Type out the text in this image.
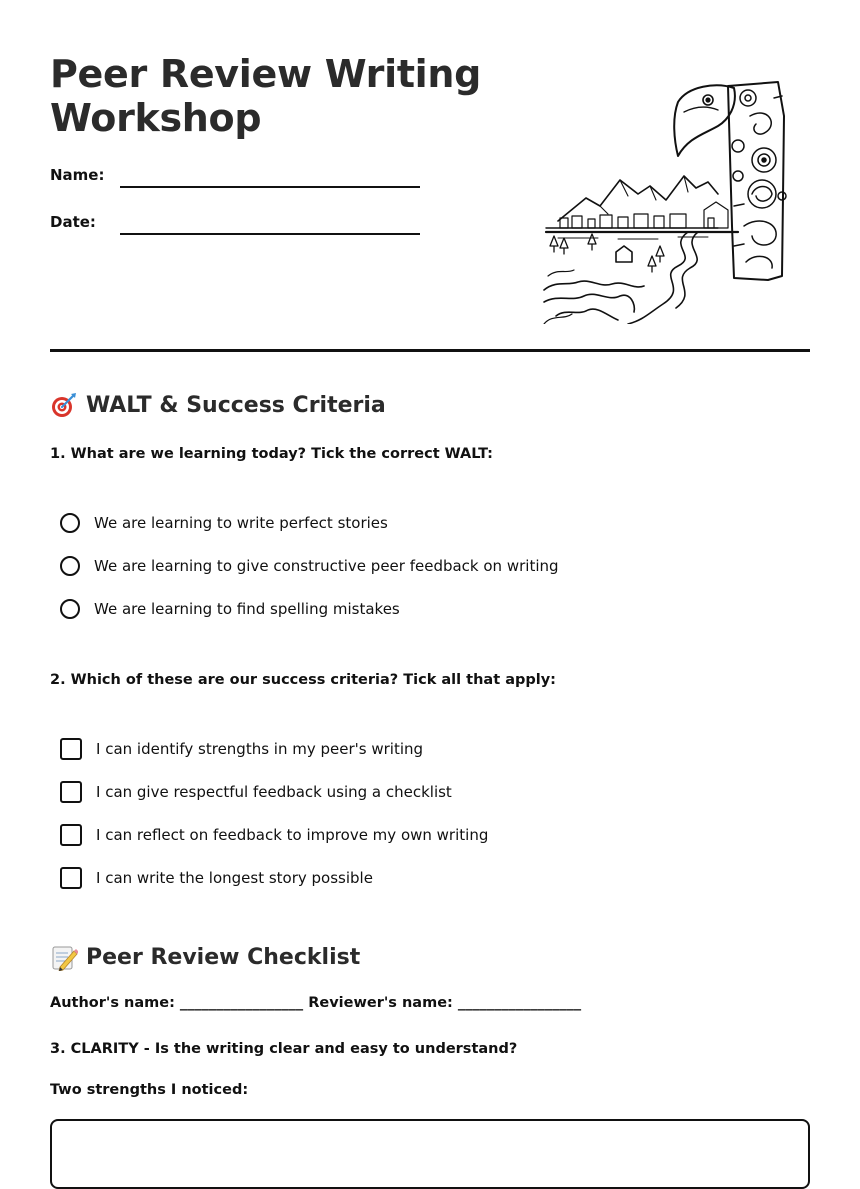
Peer Review Writing
Workshop
Name:
Date:
WALT & Success Criteria
1. What are we learning today? Tick the correct WALT:
We are learning to write perfect stories
We are learning to give constructive peer feedback on writing
We are learning to find spelling mistakes
2. Which of these are our success criteria? Tick all that apply:
I can identify strengths in my peer's writing
I can give respectful feedback using a checklist
I can reflect on feedback to improve my own writing
I can write the longest story possible
Peer Review Checklist
Author's name: _________________ Reviewer's name: _________________
3. CLARITY - Is the writing clear and easy to understand?
Two strengths I noticed:
